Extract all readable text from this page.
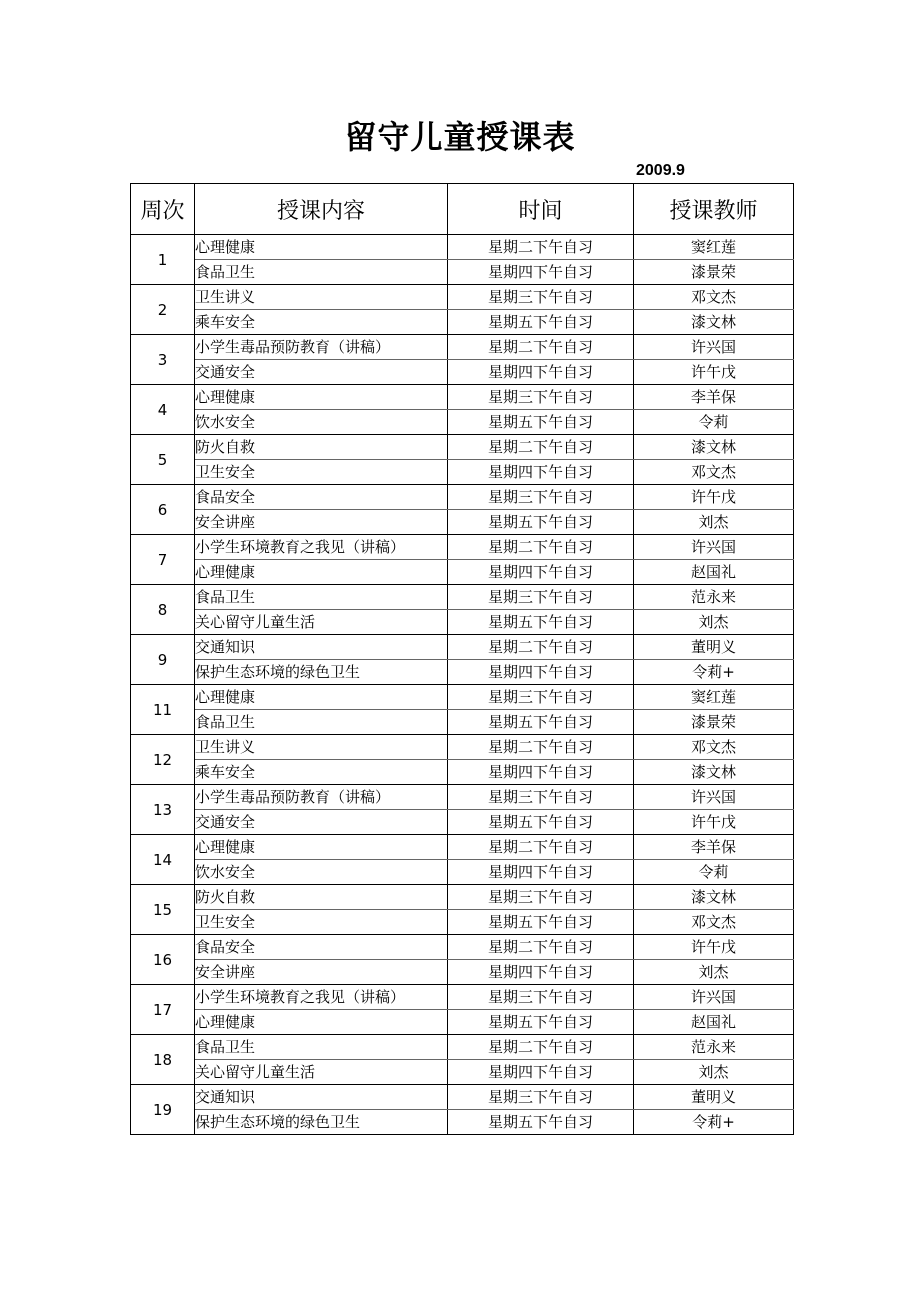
留守儿童授课表
2009.9
周次	授课内容	时间	授课教师
1	心理健康	星期二下午自习	窦红莲
	食品卫生	星期四下午自习	漆景荣
2	卫生讲义	星期三下午自习	邓文杰
	乘车安全	星期五下午自习	漆文林
3	小学生毒品预防教育（讲稿）	星期二下午自习	许兴国
	交通安全	星期四下午自习	许午戊
4	心理健康	星期三下午自习	李羊保
	饮水安全	星期五下午自习	令莉
5	防火自救	星期二下午自习	漆文林
	卫生安全	星期四下午自习	邓文杰
6	食品安全	星期三下午自习	许午戊
	安全讲座	星期五下午自习	刘杰
7	小学生环境教育之我见（讲稿）	星期二下午自习	许兴国
	心理健康	星期四下午自习	赵国礼
8	食品卫生	星期三下午自习	范永来
	关心留守儿童生活	星期五下午自习	刘杰
9	交通知识	星期二下午自习	董明义
	保护生态环境的绿色卫生	星期四下午自习	令莉+
11	心理健康	星期三下午自习	窦红莲
	食品卫生	星期五下午自习	漆景荣
12	卫生讲义	星期二下午自习	邓文杰
	乘车安全	星期四下午自习	漆文林
13	小学生毒品预防教育（讲稿）	星期三下午自习	许兴国
	交通安全	星期五下午自习	许午戊
14	心理健康	星期二下午自习	李羊保
	饮水安全	星期四下午自习	令莉
15	防火自救	星期三下午自习	漆文林
	卫生安全	星期五下午自习	邓文杰
16	食品安全	星期二下午自习	许午戊
	安全讲座	星期四下午自习	刘杰
17	小学生环境教育之我见（讲稿）	星期三下午自习	许兴国
	心理健康	星期五下午自习	赵国礼
18	食品卫生	星期二下午自习	范永来
	关心留守儿童生活	星期四下午自习	刘杰
19	交通知识	星期三下午自习	董明义
	保护生态环境的绿色卫生	星期五下午自习	令莉+
